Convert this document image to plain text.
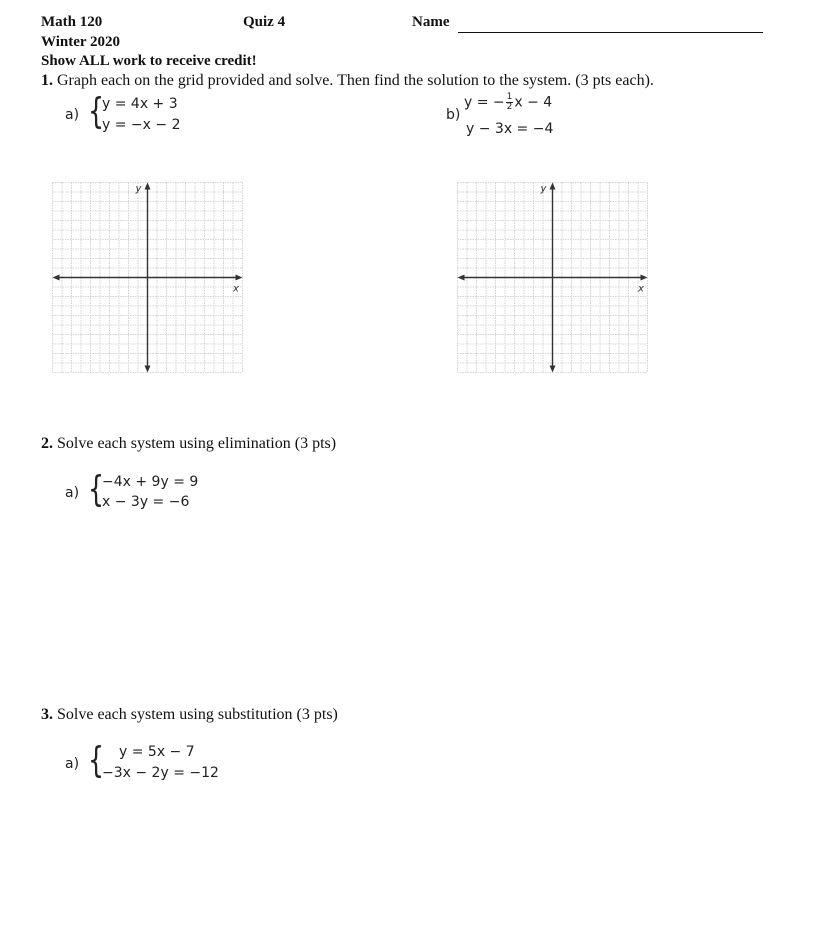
Math 120	Quiz 4	Name
Winter 2020
Show ALL work to receive credit!
1. Graph each on the grid provided and solve. Then find the solution to the system. (3 pts each).
a) {
y = 4x + 3
y = −x − 2
b)
y = − $\frac{1}{2}$ x − 4
y − 3x = −4
x
y
x
y
2. Solve each system using elimination (3 pts)
a) {
−4x + 9y = 9
x − 3y = −6
3. Solve each system using substitution (3 pts)
a) { y = 5x − 7
−3x − 2y = −12
